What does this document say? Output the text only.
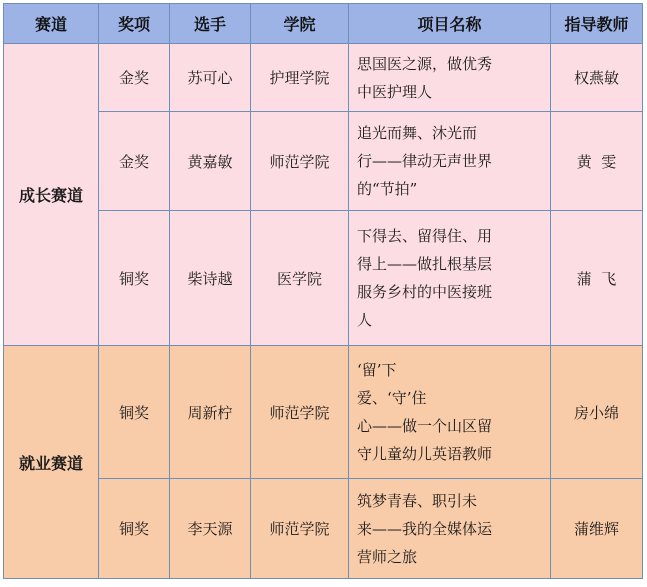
赛道	奖项	选手	学院	项目名称	指导教师
成长赛道	金奖	苏可心	护理学院	思国医之源，做优秀
中医护理人	权燕敏
	金奖	黄嘉敏	师范学院	追光而舞、沐光而
行——律动无声世界
的“节拍”	黄  雯
	铜奖	柴诗越	医学院	下得去、留得住、用
得上——做扎根基层
服务乡村的中医接班
人	蒲  飞
就业赛道	铜奖	周新柠	师范学院	‘留’下
爱、‘守’住
心——做一个山区留
守儿童幼儿英语教师	房小绵
	铜奖	李天源	师范学院	筑梦青春、职引未
来——我的全媒体运
营师之旅	蒲维辉
